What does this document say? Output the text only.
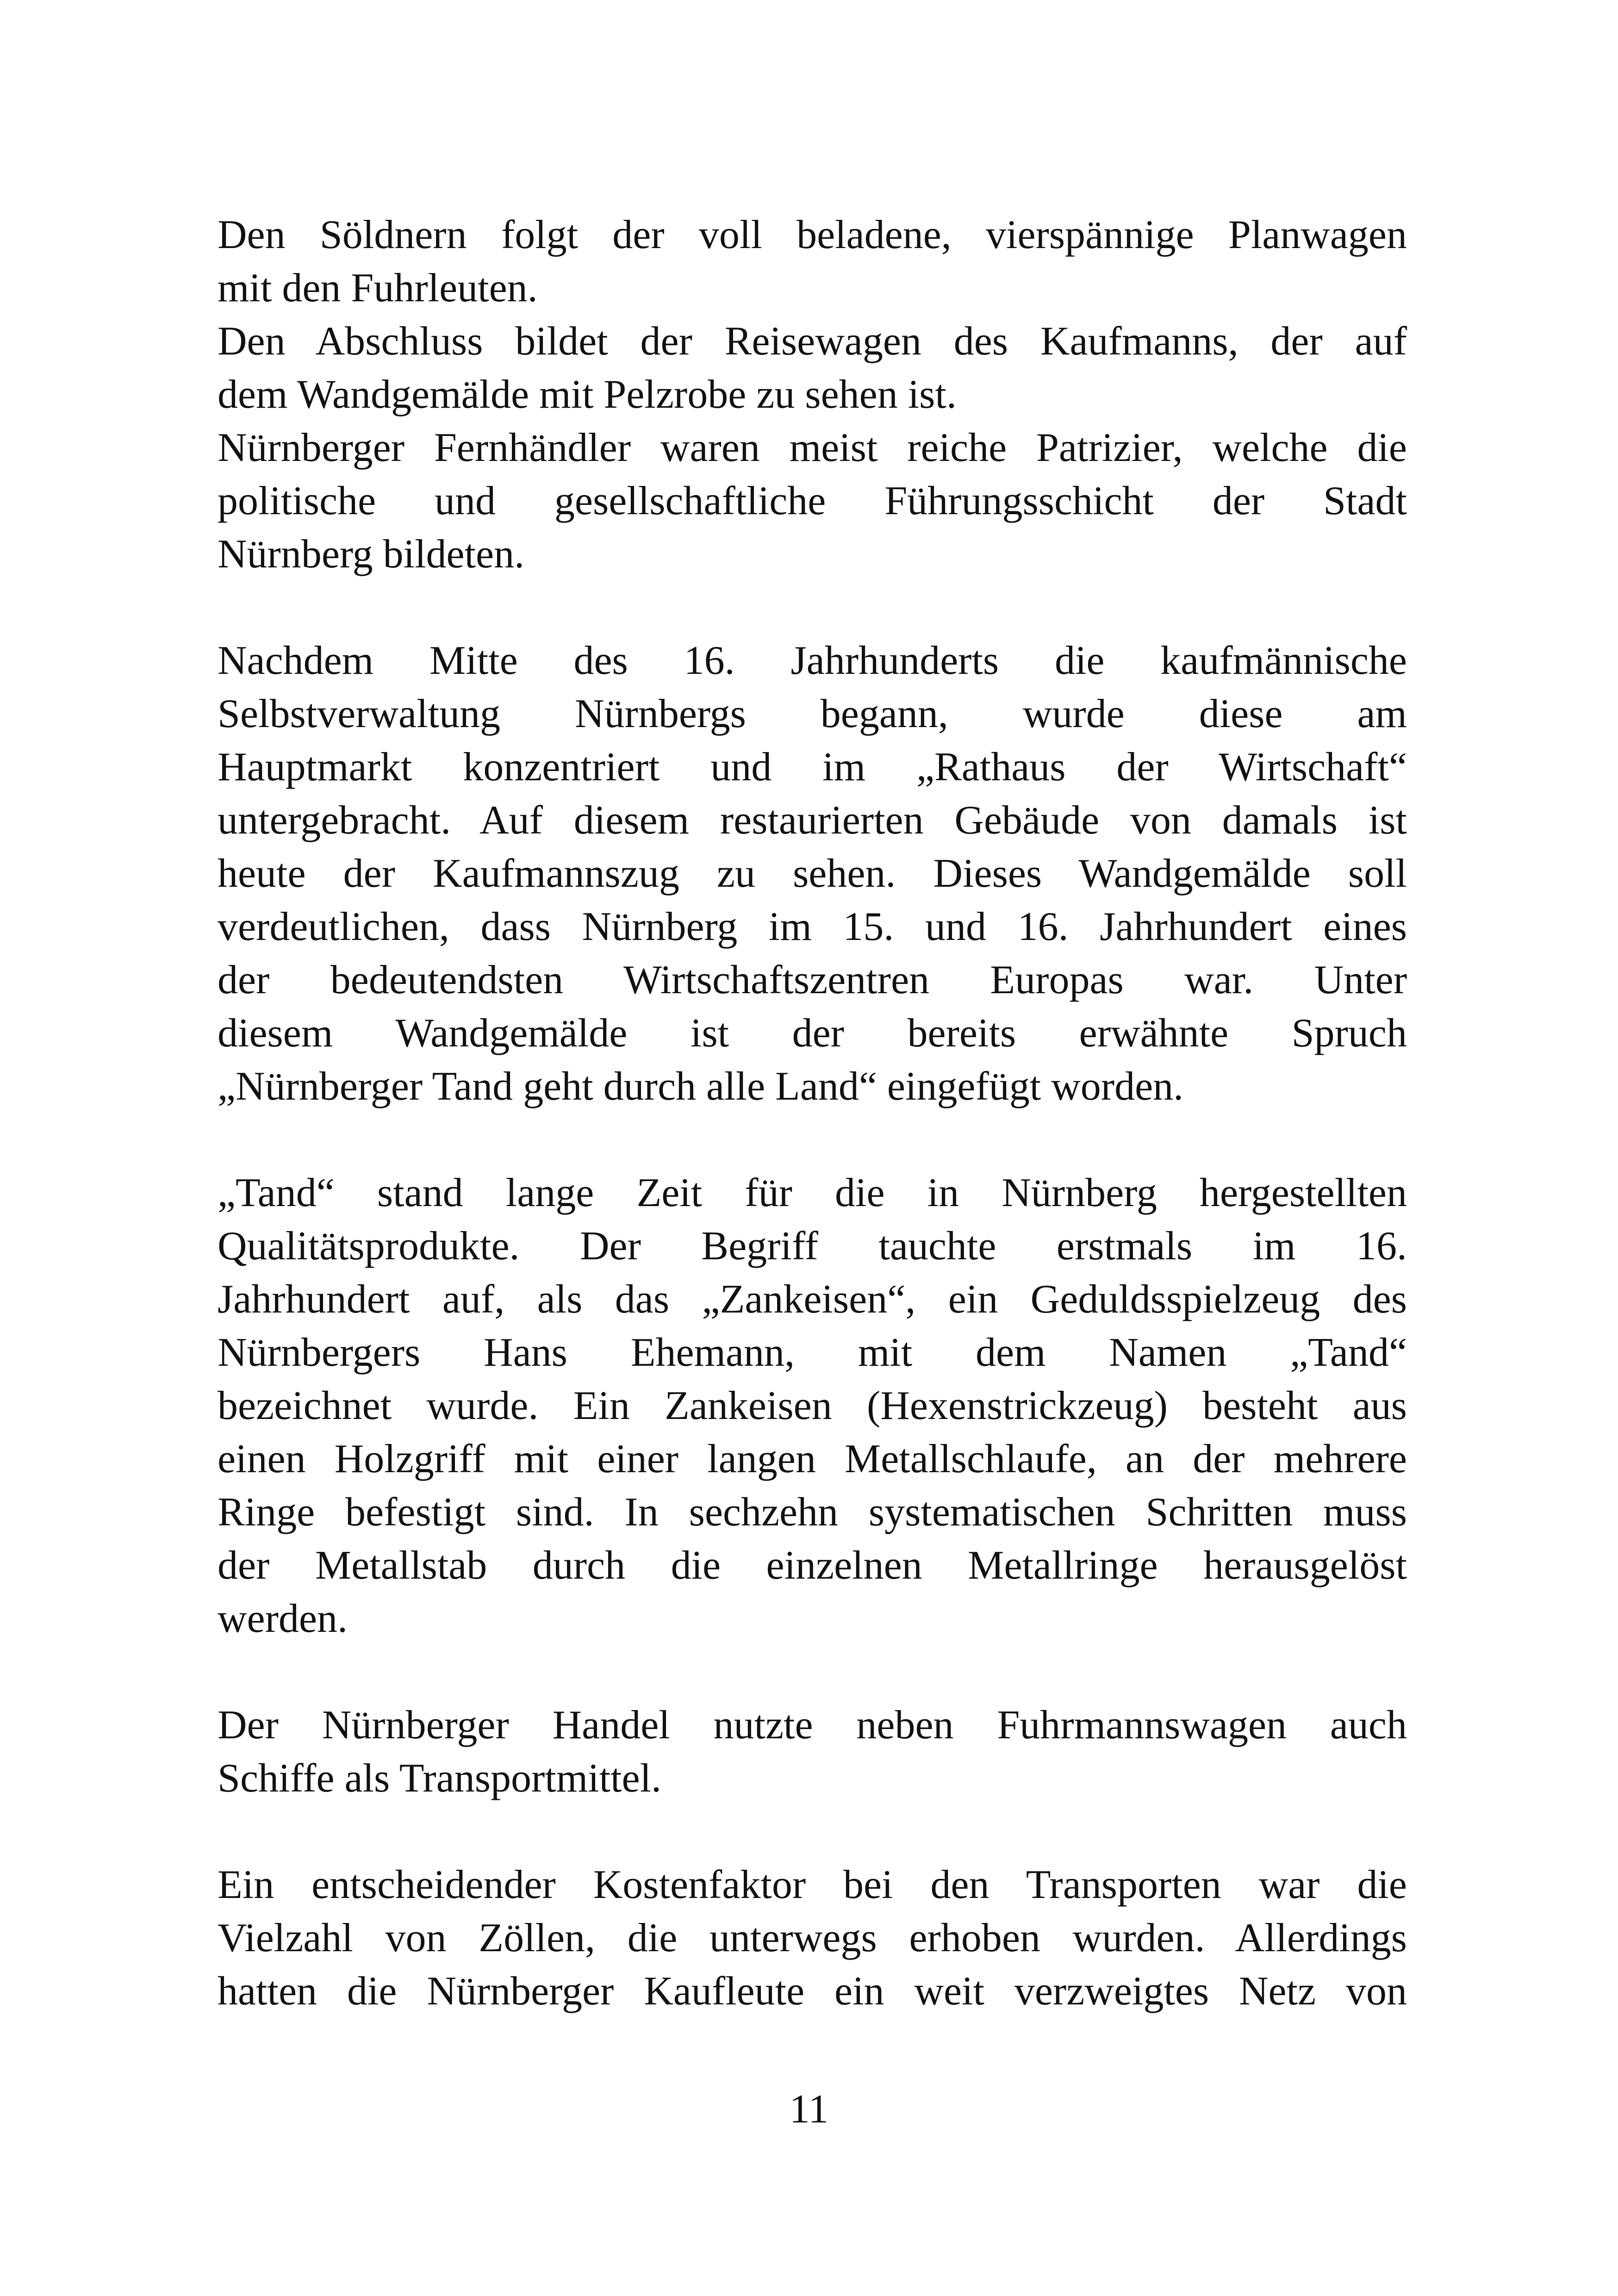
Den Söldnern folgt der voll beladene, vierspännige Planwagen
mit den Fuhrleuten.
Den Abschluss bildet der Reisewagen des Kaufmanns, der auf
dem Wandgemälde mit Pelzrobe zu sehen ist.
Nürnberger Fernhändler waren meist reiche Patrizier, welche die
politische und gesellschaftliche Führungsschicht der Stadt
Nürnberg bildeten.
Nachdem Mitte des 16. Jahrhunderts die kaufmännische
Selbstverwaltung Nürnbergs begann, wurde diese am
Hauptmarkt konzentriert und im „Rathaus der Wirtschaft“
untergebracht. Auf diesem restaurierten Gebäude von damals ist
heute der Kaufmannszug zu sehen. Dieses Wandgemälde soll
verdeutlichen, dass Nürnberg im 15. und 16. Jahrhundert eines
der bedeutendsten Wirtschaftszentren Europas war. Unter
diesem Wandgemälde ist der bereits erwähnte Spruch
„Nürnberger Tand geht durch alle Land“ eingefügt worden.
„Tand“ stand lange Zeit für die in Nürnberg hergestellten
Qualitätsprodukte. Der Begriff tauchte erstmals im 16.
Jahrhundert auf, als das „Zankeisen“, ein Geduldsspielzeug des
Nürnbergers Hans Ehemann, mit dem Namen „Tand“
bezeichnet wurde. Ein Zankeisen (Hexenstrickzeug) besteht aus
einen Holzgriff mit einer langen Metallschlaufe, an der mehrere
Ringe befestigt sind. In sechzehn systematischen Schritten muss
der Metallstab durch die einzelnen Metallringe herausgelöst
werden.
Der Nürnberger Handel nutzte neben Fuhrmannswagen auch
Schiffe als Transportmittel.
Ein entscheidender Kostenfaktor bei den Transporten war die
Vielzahl von Zöllen, die unterwegs erhoben wurden. Allerdings
hatten die Nürnberger Kaufleute ein weit verzweigtes Netz von
11
